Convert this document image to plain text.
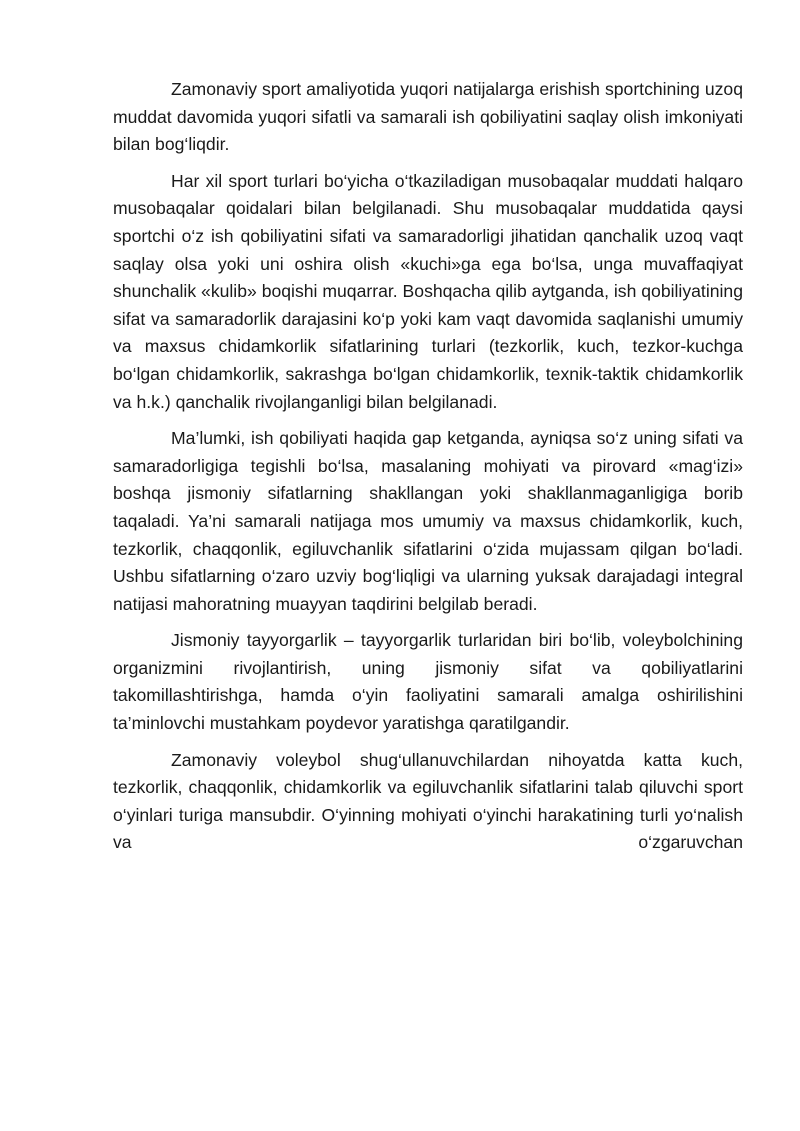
Zamonaviy sport amaliyotida yuqori natijalarga erishish sportchining uzoq muddat davomida yuqori sifatli va samarali ish qobiliyatini saqlay olish imkoniyati bilan bog‘liqdir.

Har xil sport turlari bo‘yicha o‘tkaziladigan musobaqalar muddati halqaro musobaqalar qoidalari bilan belgilanadi. Shu musobaqalar muddatida qaysi sportchi o‘z ish qobiliyatini sifati va samaradorligi jihatidan qanchalik uzoq vaqt saqlay olsa yoki uni oshira olish «kuchi»ga ega bo‘lsa, unga muvaffaqiyat shunchalik «kulib» boqishi muqarrar. Boshqacha qilib aytganda, ish qobiliyatining sifat va samaradorlik darajasini ko‘p yoki kam vaqt davomida saqlanishi umumiy va maxsus chidamkorlik sifatlarining turlari (tezkorlik, kuch, tezkor-kuchga bo‘lgan chidamkorlik, sakrashga bo‘lgan chidamkorlik, texnik-taktik chidamkorlik va h.k.) qanchalik rivojlanganligi bilan belgilanadi.

Ma’lumki, ish qobiliyati haqida gap ketganda, ayniqsa so‘z uning sifati va samaradorligiga tegishli bo‘lsa, masalaning mohiyati va pirovard «mag‘izi» boshqa jismoniy sifatlarning shakllangan yoki shakllanmaganligiga borib taqaladi. Ya’ni samarali natijaga mos umumiy va maxsus chidamkorlik, kuch, tezkorlik, chaqqonlik, egiluvchanlik sifatlarini o‘zida mujassam qilgan bo‘ladi. Ushbu sifatlarning o‘zaro uzviy bog‘liqligi va ularning yuksak darajadagi integral natijasi mahoratning muayyan taqdirini belgilab beradi.

Jismoniy tayyorgarlik – tayyorgarlik turlaridan biri bo‘lib, voleybolchining organizmini rivojlantirish, uning jismoniy sifat va qobiliyatlarini takomillashtirishga, hamda o‘yin faoliyatini samarali amalga oshirilishini ta’minlovchi mustahkam poydevor yaratishga qaratilgandir.

Zamonaviy voleybol shug‘ullanuvchilardan nihoyatda katta kuch, tezkorlik, chaqqonlik, chidamkorlik va egiluvchanlik sifatlarini talab qiluvchi sport o‘yinlari turiga mansubdir. O‘yinning mohiyati o‘yinchi harakatining turli yo‘nalish va o‘zgaruvchan
